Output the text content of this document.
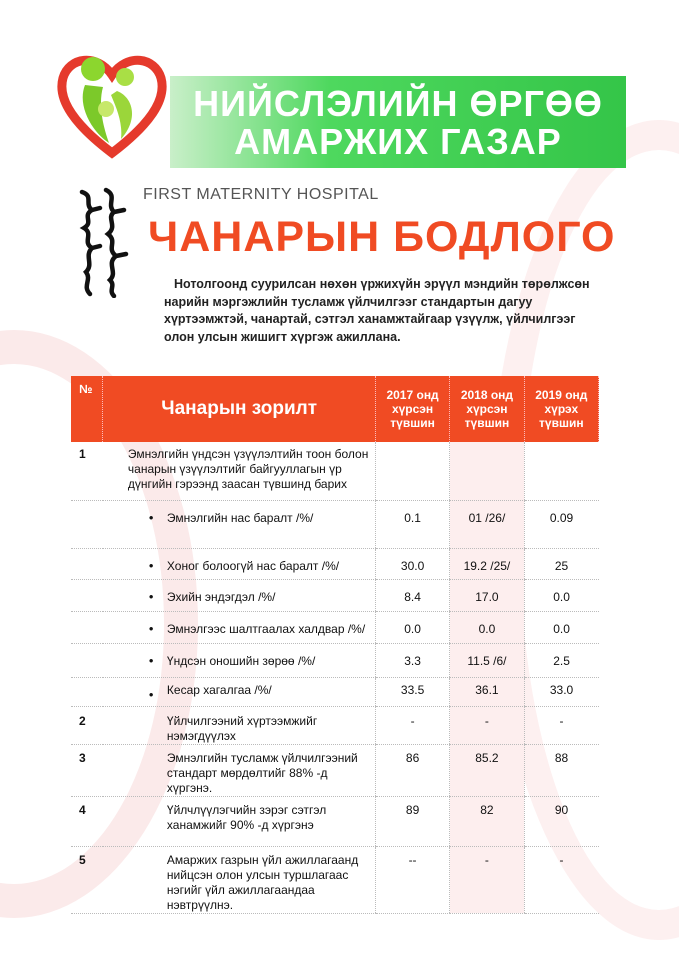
НИЙСЛЭЛИЙН ӨРГӨӨ
АМАРЖИХ ГАЗАР
FIRST MATERNITY HOSPITAL
ЧАНАРЫН БОДЛОГО
Нотолгоонд суурилсан нөхөн үржихүйн эрүүл мэндийн төрөлжсөн нарийн мэргэжлийн тусламж үйлчилгээг стандартын дагуу хүртээмжтэй, чанартай, сэтгэл ханамжтайгаар үзүүлж, үйлчилгээг олон улсын жишигт хүргэж ажиллана.
№	Чанарын зорилт	2017 онд хүрсэн түвшин	2018 онд хүрсэн түвшин	2019 онд хүрэх түвшин
1	Эмнэлгийн үндсэн үзүүлэлтийн тоон болон чанарын үзүүлэлтийг байгууллагын үр дүнгийн гэрээнд заасан түвшинд барих			
	• Эмнэлгийн нас баралт /%/	0.1	01 /26/	0.09
	• Хоног болоогүй нас баралт /%/	30.0	19.2 /25/	25
	• Эхийн эндэгдэл /%/	8.4	17.0	0.0
	• Эмнэлгээс шалтгаалах халдвар /%/	0.0	0.0	0.0
	• Үндсэн оношийн зөрөө /%/	3.3	11.5 /6/	2.5
	• Кесар хагалгаа /%/	33.5	36.1	33.0
2	Үйлчилгээний хүртээмжийг нэмэгдүүлэх	-	-	-
3	Эмнэлгийн тусламж үйлчилгээний стандарт мөрдөлтийг 88% -д хүргэнэ.	86	85.2	88
4	Үйлчлүүлэгчийн зэрэг сэтгэл ханамжийг 90% -д хүргэнэ	89	82	90
5	Амаржих газрын үйл ажиллагаанд нийцсэн олон улсын туршлагаас нэгийг үйл ажиллагаандаа нэвтрүүлнэ.	--	-	-
